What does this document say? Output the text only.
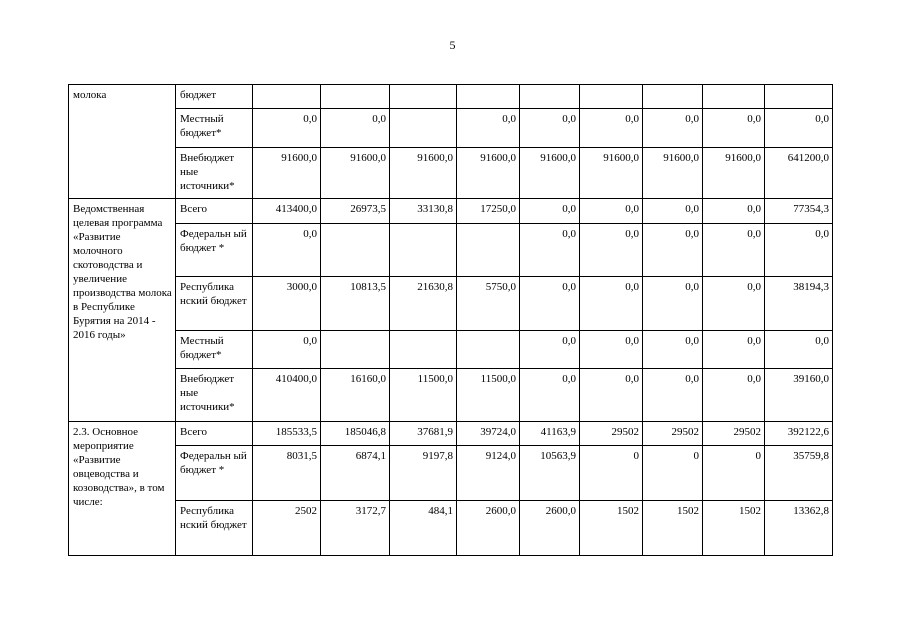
5
молока	бюджет									
	Местный бюджет*	0,0	0,0		0,0	0,0	0,0	0,0	0,0	0,0
	Внебюджет ные источники*	91600,0	91600,0	91600,0	91600,0	91600,0	91600,0	91600,0	91600,0	641200,0
Ведомственная целевая программа «Развитие молочного скотоводства и увеличение производства молока в Республике Бурятия на 2014 - 2016 годы»	Всего	413400,0	26973,5	33130,8	17250,0	0,0	0,0	0,0	0,0	77354,3
	Федеральн ый бюджет *	0,0				0,0	0,0	0,0	0,0	0,0
	Республика нский бюджет	3000,0	10813,5	21630,8	5750,0	0,0	0,0	0,0	0,0	38194,3
	Местный бюджет*	0,0				0,0	0,0	0,0	0,0	0,0
	Внебюджет ные источники*	410400,0	16160,0	11500,0	11500,0	0,0	0,0	0,0	0,0	39160,0
2.3. Основное мероприятие «Развитие овцеводства и козоводства», в том числе:	Всего	185533,5	185046,8	37681,9	39724,0	41163,9	29502	29502	29502	392122,6
	Федеральн ый бюджет *	8031,5	6874,1	9197,8	9124,0	10563,9	0	0	0	35759,8
	Республика нский бюджет	2502	3172,7	484,1	2600,0	2600,0	1502	1502	1502	13362,8
